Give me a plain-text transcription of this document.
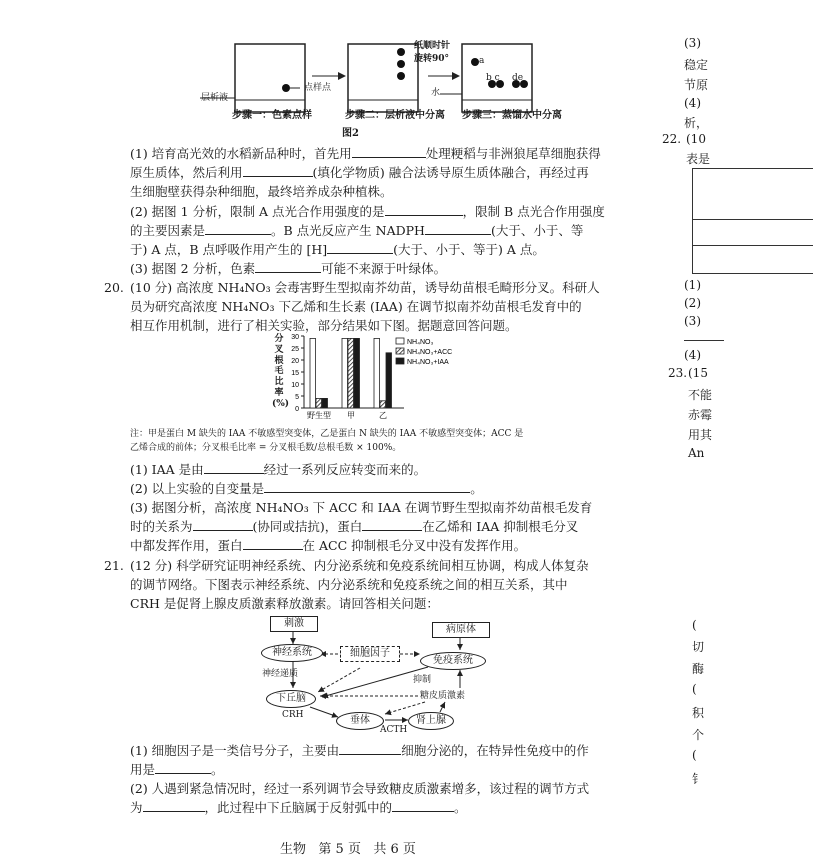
层析液
点样点
纸顺时针
旋转90°
水
a
b c de
步骤一：色素点样	步骤二：层析液中分离 步骤三：蒸馏水中分离
图2
(1) 培育高光效的水稻新品种时，首先用	处理粳稻与非洲狼尾草细胞获得
原生质体，然后利用	(填化学物质) 融合法诱导原生质体融合，再经过再
生细胞壁获得杂种细胞，最终培养成杂种植株。
(2) 据图 1 分析，限制 A 点光合作用强度的是	，限制 B 点光合作用强度
的主要因素是	。B 点光反应产生 NADPH	(大于、小于、等
于) A 点，B 点呼吸作用产生的 [H]	(大于、小于、等于) A 点。
(3) 据图 2 分析，色素	可能不来源于叶绿体。
20. (10 分) 高浓度 NH₄NO₃ 会毒害野生型拟南芥幼苗，诱导幼苗根毛畸形分叉。科研人
员为研究高浓度 NH₄NO₃ 下乙烯和生长素 (IAA) 在调节拟南芥幼苗根毛发育中的
相互作用机制，进行了相关实验，部分结果如下图。据题意回答问题。
0
5
10
15
20
25
30
野生型 甲	乙
NH₄NO₃
NH₄NO₃+ACC
NH₄NO₃+IAA
分叉根毛比率(%)
注：甲是蛋白 M 缺失的 IAA 不敏感型突变体，乙是蛋白 N 缺失的 IAA 不敏感型突变体；ACC 是
乙烯合成的前体；分叉根毛比率 = 分叉根毛数/总根毛数 × 100%。
(1) IAA 是由	经过一系列反应转变而来的。
(2) 以上实验的自变量是	。
(3) 据图分析，高浓度 NH₄NO₃ 下 ACC 和 IAA 在调节野生型拟南芥幼苗根毛发育
时的关系为	(协同或拮抗)，蛋白	在乙烯和 IAA 抑制根毛分叉
中都发挥作用，蛋白	在 ACC 抑制根毛分叉中没有发挥作用。
21. (12 分) 科学研究证明神经系统、内分泌系统和免疫系统间相互协调，构成人体复杂
的调节网络。下图表示神经系统、内分泌系统和免疫系统之间的相互关系，其中
CRH 是促肾上腺皮质激素释放激素。请回答相关问题：
刺激
病原体
神经系统	细胞因子
免疫系统
神经递质
抑制
下丘脑	糖皮质激素
CRH	垂体	肾上腺
ACTH
(1) 细胞因子是一类信号分子，主要由	细胞分泌的，在特异性免疫中的作
用是	。
(2) 人遇到紧急情况时，经过一系列调节会导致糖皮质激素增多，该过程的调节方式
为	，此过程中下丘脑属于反射弧中的	。
(3)
稳定
节原
(4)
析，
22. (10
表是
(1)
(2)
(3)
(4)
23. (15
不能
赤霉
用其
An
(
切
酶
(
积
个
(
钅
生物 第 5 页 共 6 页
